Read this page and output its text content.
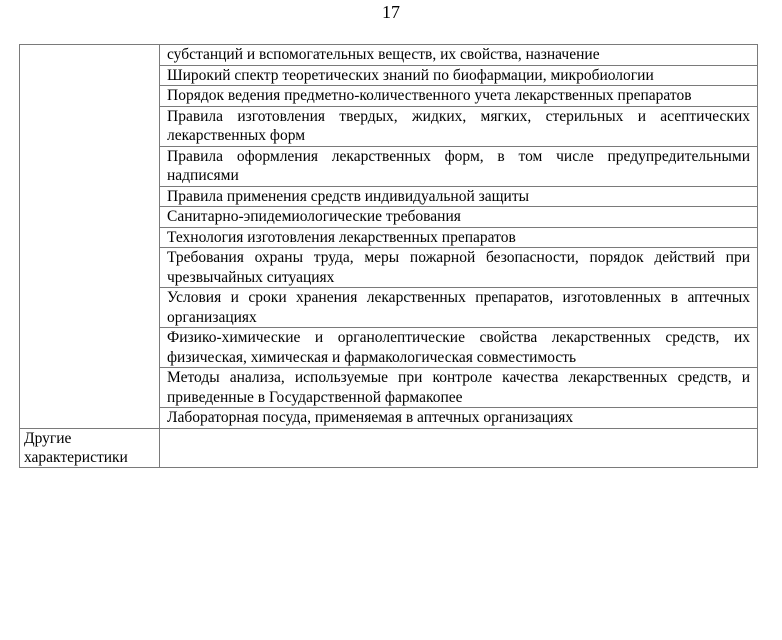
17
	субстанций и вспомогательных веществ, их свойства, назначение
	Широкий спектр теоретических знаний по биофармации, микробиологии
	Порядок ведения предметно-количественного учета лекарственных препаратов
	Правила изготовления твердых, жидких, мягких, стерильных и асептических лекарственных форм
	Правила оформления лекарственных форм, в том числе предупредительными надписями
	Правила применения средств индивидуальной защиты
	Санитарно-эпидемиологические требования
	Технология изготовления лекарственных препаратов
	Требования охраны труда, меры пожарной безопасности, порядок действий при чрезвычайных ситуациях
	Условия и сроки хранения лекарственных препаратов, изготовленных в аптечных организациях
	Физико-химические и органолептические свойства лекарственных средств, их физическая, химическая и фармакологическая совместимость
	Методы анализа, используемые при контроле качества лекарственных средств, и приведенные в Государственной фармакопее
	Лабораторная посуда, применяемая в аптечных организациях
Другие характеристики	
